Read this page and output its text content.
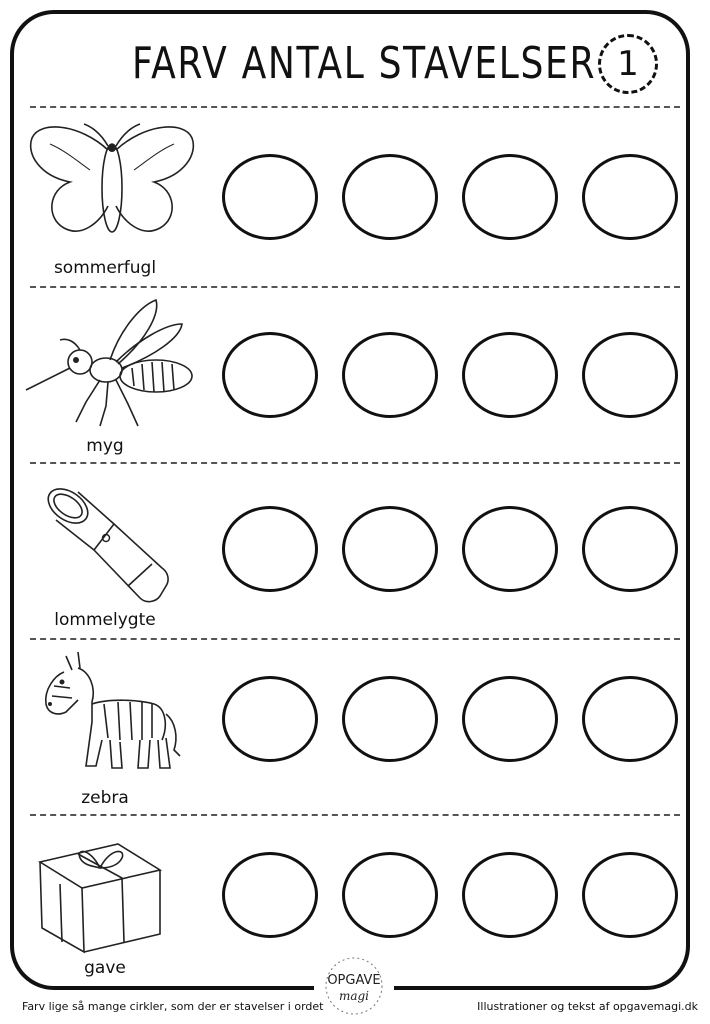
FARV ANTAL STAVELSER 1
sommerfugl
myg
lommelygte
zebra
gave
OPGAVE
magi
Farv lige så mange cirkler, som der er stavelser i ordet	Illustrationer og tekst af opgavemagi.dk
